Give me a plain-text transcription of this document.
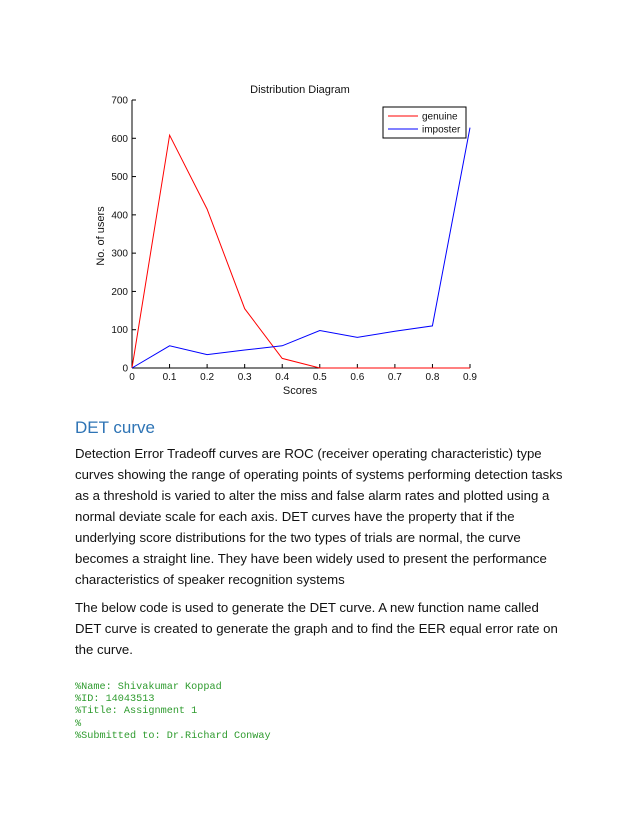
0	0.1 0.2 0.3 0.4 0.5 0.6 0.7 0.8 0.9
0
100
200
300
400
500
600
700
genuine
imposter
Distribution Diagram
Scores
No. of users
DET curve

Detection Error Tradeoff curves are ROC (receiver operating characteristic) type curves showing the range of operating points of systems performing detection tasks as a threshold is varied to alter the miss and false alarm rates and plotted using a normal deviate scale for each axis. DET curves have the property that if the underlying score distributions for the two types of trials are normal, the curve becomes a straight line. They have been widely used to present the performance characteristics of speaker recognition systems

The below code is used to generate the DET curve. A new function name called DET curve is created to generate the graph and to find the EER equal error rate on the curve.

%Name: Shivakumar Koppad
%ID: 14043513
%Title: Assignment 1
%
%Submitted to: Dr.Richard Conway
